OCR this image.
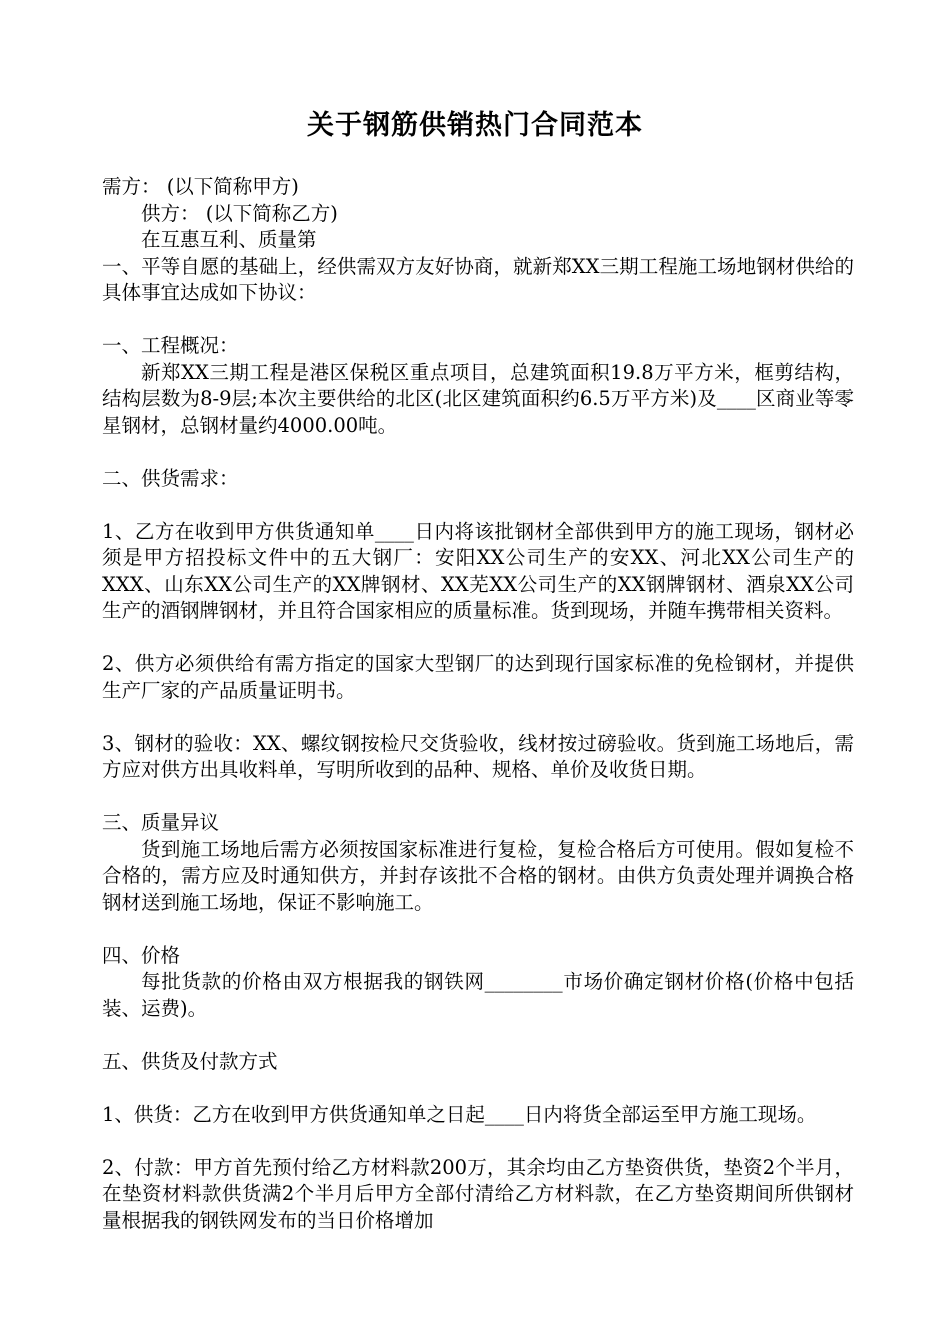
关于钢筋供销热门合同范本

需方： (以下简称甲方)

供方： (以下简称乙方)

在互惠互利、质量第

一、平等自愿的基础上，经供需双方友好协商，就新郑XX三期工程施工场地钢材供给的具体事宜达成如下协议：

一、工程概况：

新郑XX三期工程是港区保税区重点项目，总建筑面积19.8万平方米，框剪结构，结构层数为8-9层;本次主要供给的北区(北区建筑面积约6.5万平方米)及____区商业等零星钢材，总钢材量约4000.00吨。

二、供货需求：

1、乙方在收到甲方供货通知单____日内将该批钢材全部供到甲方的施工现场，钢材必须是甲方招投标文件中的五大钢厂：安阳XX公司生产的安XX、河北XX公司生产的XXX、山东XX公司生产的XX牌钢材、XX芜XX公司生产的XX钢牌钢材、酒泉XX公司生产的酒钢牌钢材，并且符合国家相应的质量标准。货到现场，并随车携带相关资料。

2、供方必须供给有需方指定的国家大型钢厂的达到现行国家标准的免检钢材，并提供生产厂家的产品质量证明书。

3、钢材的验收：XX、螺纹钢按检尺交货验收，线材按过磅验收。货到施工场地后，需方应对供方出具收料单，写明所收到的品种、规格、单价及收货日期。

三、质量异议

货到施工场地后需方必须按国家标准进行复检，复检合格后方可使用。假如复检不合格的，需方应及时通知供方，并封存该批不合格的钢材。由供方负责处理并调换合格钢材送到施工场地，保证不影响施工。

四、价格

每批货款的价格由双方根据我的钢铁网________市场价确定钢材价格(价格中包括装、运费)。

五、供货及付款方式

1、供货：乙方在收到甲方供货通知单之日起____日内将货全部运至甲方施工现场。

2、付款：甲方首先预付给乙方材料款200万，其余均由乙方垫资供货，垫资2个半月，在垫资材料款供货满2个半月后甲方全部付清给乙方材料款，在乙方垫资期间所供钢材量根据我的钢铁网发布的当日价格增加
